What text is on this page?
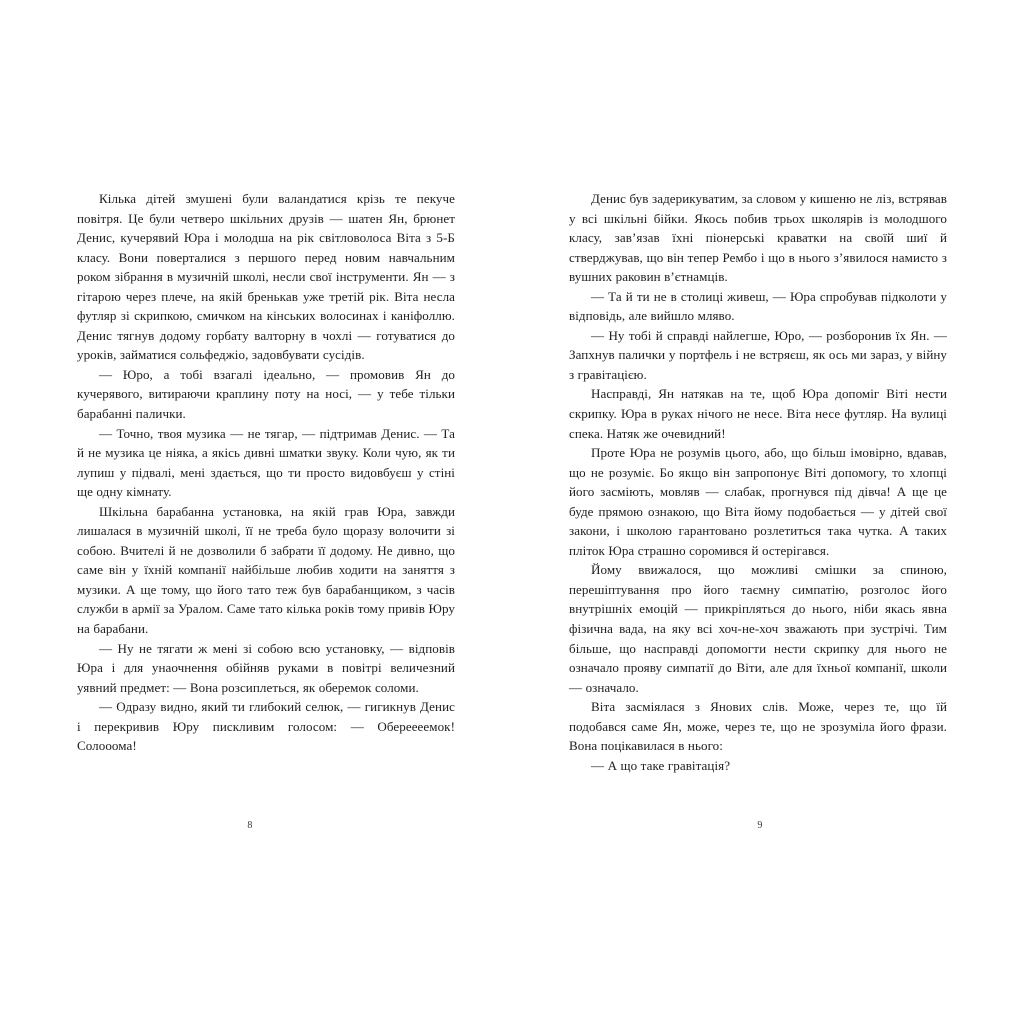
Кілька дітей змушені були валандатися крізь те пекуче повітря. Це були четверо шкільних друзів — шатен Ян, брюнет Денис, кучерявий Юра і молодша на рік світловолоса Віта з 5-Б класу. Вони поверталися з першого перед новим навчальним роком зібрання в музичній школі, несли свої інструменти. Ян — з гітарою через плече, на якій бренькав уже третій рік. Віта несла футляр зі скрипкою, смичком на кінських волосинах і каніфоллю. Денис тягнув додому горбату валторну в чохлі — готуватися до уроків, займатися сольфеджіо, задовбувати сусідів.

— Юро, а тобі взагалі ідеально, — промовив Ян до кучерявого, витираючи краплину поту на носі, — у тебе тільки барабанні палички.

— Точно, твоя музика — не тягар, — підтримав Денис. — Та й не музика це ніяка, а якісь дивні шматки звуку. Коли чую, як ти лупиш у підвалі, мені здається, що ти просто видовбуєш у стіні ще одну кімнату.

Шкільна барабанна установка, на якій грав Юра, завжди лишалася в музичній школі, її не треба було щоразу волочити зі собою. Вчителі й не дозволили б забрати її додому. Не дивно, що саме він у їхній компанії найбільше любив ходити на заняття з музики. А ще тому, що його тато теж був барабанщиком, з часів служби в армії за Уралом. Саме тато кілька років тому привів Юру на барабани.

— Ну не тягати ж мені зі собою всю установку, — відповів Юра і для унаочнення обійняв руками в повітрі величезний уявний предмет: — Вона розсиплеться, як оберемок соломи.

— Одразу видно, який ти глибокий селюк, — гигикнув Денис і перекривив Юру пискливим голосом: — Обереееемок! Солооома!

8

Денис був задерикуватим, за словом у кишеню не ліз, встрявав у всі шкільні бійки. Якось побив трьох школярів із молодшого класу, зав’язав їхні піонерські краватки на своїй шиї й стверджував, що він тепер Рембо і що в нього з’явилося намисто з вушних раковин в’єтнамців.

— Та й ти не в столиці живеш, — Юра спробував підколоти у відповідь, але вийшло мляво.

— Ну тобі й справді найлегше, Юро, — розборонив їх Ян. — Запхнув палички у портфель і не встряєш, як ось ми зараз, у війну з гравітацією.

Насправді, Ян натякав на те, щоб Юра допоміг Віті нести скрипку. Юра в руках нічого не несе. Віта несе футляр. На вулиці спека. Натяк же очевидний!

Проте Юра не розумів цього, або, що більш імовірно, вдавав, що не розуміє. Бо якщо він запропонує Віті допомогу, то хлопці його засміють, мовляв — слабак, прогнувся під дівча! А ще це буде прямою ознакою, що Віта йому подобається — у дітей свої закони, і школою гарантовано розлетиться така чутка. А таких пліток Юра страшно соромився й остерігався.

Йому ввижалося, що можливі смішки за спиною, перешіптування про його таємну симпатію, розголос його внутрішніх емоцій — прикріпляться до нього, ніби якась явна фізична вада, на яку всі хоч-не-хоч зважають при зустрічі. Тим більше, що насправді допомогти нести скрипку для нього не означало прояву симпатії до Віти, але для їхньої компанії, школи — означало.

Віта засміялася з Янових слів. Може, через те, що їй подобався саме Ян, може, через те, що не зрозуміла його фрази. Вона поцікавилася в нього:

— А що таке гравітація?

9
